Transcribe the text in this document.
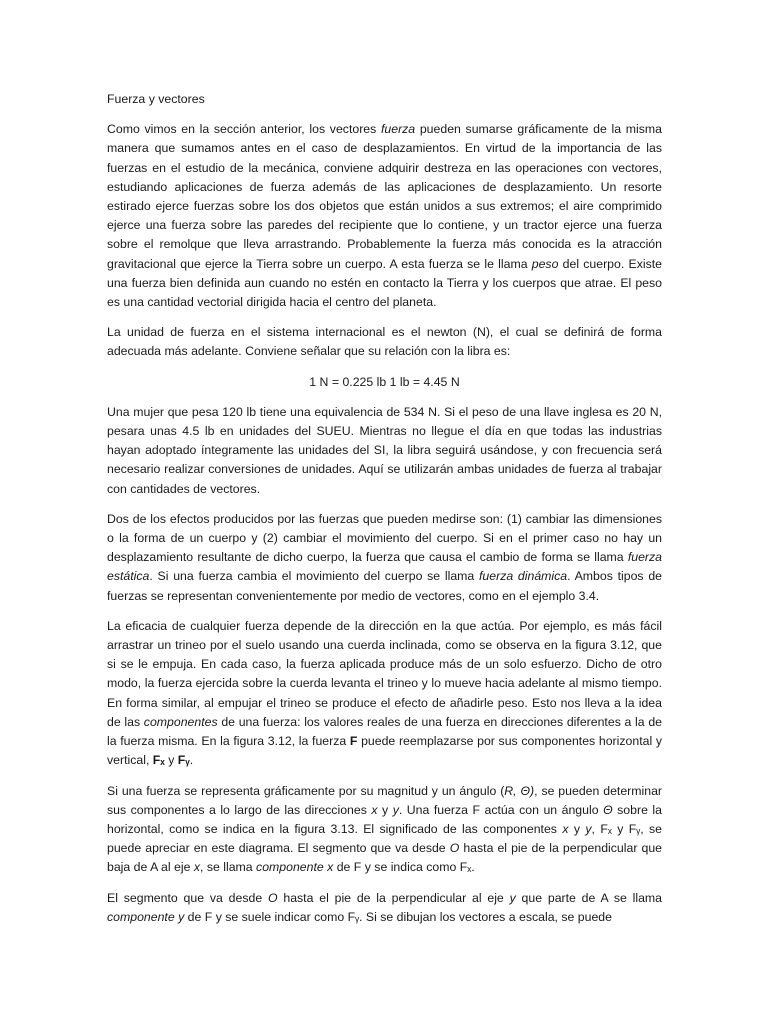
Fuerza y vectores

Como vimos en la sección anterior, los vectores fuerza pueden sumarse gráficamente de la misma manera que sumamos antes en el caso de desplazamientos. En virtud de la importancia de las fuerzas en el estudio de la mecánica, conviene adquirir destreza en las operaciones con vectores, estudiando aplicaciones de fuerza además de las aplicaciones de desplazamiento. Un resorte estirado ejerce fuerzas sobre los dos objetos que están unidos a sus extremos; el aire comprimido ejerce una fuerza sobre las paredes del recipiente que lo contiene, y un tractor ejerce una fuerza sobre el remolque que lleva arrastrando. Probablemente la fuerza más conocida es la atracción gravitacional que ejerce la Tierra sobre un cuerpo. A esta fuerza se le llama peso del cuerpo. Existe una fuerza bien definida aun cuando no estén en contacto la Tierra y los cuerpos que atrae. El peso es una cantidad vectorial dirigida hacia el centro del planeta.

La unidad de fuerza en el sistema internacional es el newton (N), el cual se definirá de forma adecuada más adelante. Conviene señalar que su relación con la libra es:

1 N = 0.225 lb 1 lb = 4.45 N

Una mujer que pesa 120 lb tiene una equivalencia de 534 N. Si el peso de una llave inglesa es 20 N, pesara unas 4.5 lb en unidades del SUEU. Mientras no llegue el día en que todas las industrias hayan adoptado íntegramente las unidades del SI, la libra seguirá usándose, y con frecuencia será necesario realizar conversiones de unidades. Aquí se utilizarán ambas unidades de fuerza al trabajar con cantidades de vectores.

Dos de los efectos producidos por las fuerzas que pueden medirse son: (1) cambiar las dimensiones o la forma de un cuerpo y (2) cambiar el movimiento del cuerpo. Si en el primer caso no hay un desplazamiento resultante de dicho cuerpo, la fuerza que causa el cambio de forma se llama fuerza estática. Si una fuerza cambia el movimiento del cuerpo se llama fuerza dinámica. Ambos tipos de fuerzas se representan convenientemente por medio de vectores, como en el ejemplo 3.4.

La eficacia de cualquier fuerza depende de la dirección en la que actúa. Por ejemplo, es más fácil arrastrar un trineo por el suelo usando una cuerda inclinada, como se observa en la figura 3.12, que si se le empuja. En cada caso, la fuerza aplicada produce más de un solo esfuerzo. Dicho de otro modo, la fuerza ejercida sobre la cuerda levanta el trineo y lo mueve hacia adelante al mismo tiempo. En forma similar, al empujar el trineo se produce el efecto de añadirle peso. Esto nos lleva a la idea de las componentes de una fuerza: los valores reales de una fuerza en direcciones diferentes a la de la fuerza misma. En la figura 3.12, la fuerza F puede reemplazarse por sus componentes horizontal y vertical, Fₓ y Fᵧ.

Si una fuerza se representa gráficamente por su magnitud y un ángulo (R, Θ), se pueden determinar sus componentes a lo largo de las direcciones x y y. Una fuerza F actúa con un ángulo Θ sobre la horizontal, como se indica en la figura 3.13. El significado de las componentes x y y, Fₓ y Fᵧ, se puede apreciar en este diagrama. El segmento que va desde O hasta el pie de la perpendicular que baja de A al eje x, se llama componente x de F y se indica como Fₓ.

El segmento que va desde O hasta el pie de la perpendicular al eje y que parte de A se llama componente y de F y se suele indicar como Fᵧ. Si se dibujan los vectores a escala, se puede
